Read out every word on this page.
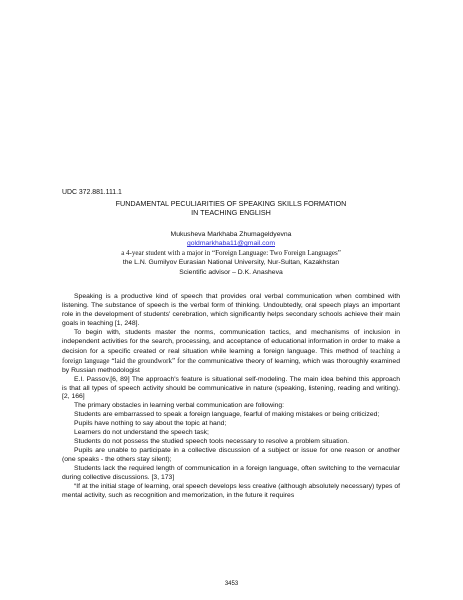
UDC 372.881.111.1
FUNDAMENTAL PECULIARITIES OF SPEAKING SKILLS FORMATION
IN TEACHING ENGLISH
Mukusheva Markhaba Zhumageldyevna
goldmarkhaba11@gmail.com
a 4-year student with a major in “Foreign Language: Two Foreign Languages”
the L.N. Gumilyov Eurasian National University, Nur-Sultan, Kazakhstan
Scientific advisor – D.K. Anasheva

Speaking is a productive kind of speech that provides oral verbal communication when combined with listening. The substance of speech is the verbal form of thinking. Undoubtedly, oral speech plays an important role in the development of students' cerebration, which significantly helps secondary schools achieve their main goals in teaching [1, 248].

To begin with, students master the norms, communication tactics, and mechanisms of inclusion in independent activities for the search, processing, and acceptance of educational information in order to make a decision for a specific created or real situation while learning a foreign language. This method of teaching a foreign language “laid the groundwork” for the communicative theory of learning, which was thoroughly examined by Russian methodologist

E.I. Passov.[6, 89] The approach's feature is situational self-modeling. The main idea behind this approach is that all types of speech activity should be communicative in nature (speaking, listening, reading and writing).[2, 166]

The primary obstacles in learning verbal communication are following:

Students are embarrassed to speak a foreign language, fearful of making mistakes or being criticized;

Pupils have nothing to say about the topic at hand;

Learners do not understand the speech task;

Students do not possess the studied speech tools necessary to resolve a problem situation.

Pupils are unable to participate in a collective discussion of a subject or issue for one reason or another (one speaks - the others stay silent);

Students lack the required length of communication in a foreign language, often switching to the vernacular during collective discussions. [3, 173]

“If at the initial stage of learning, oral speech develops less creative (although absolutely necessary) types of mental activity, such as recognition and memorization, in the future it requires

3453
